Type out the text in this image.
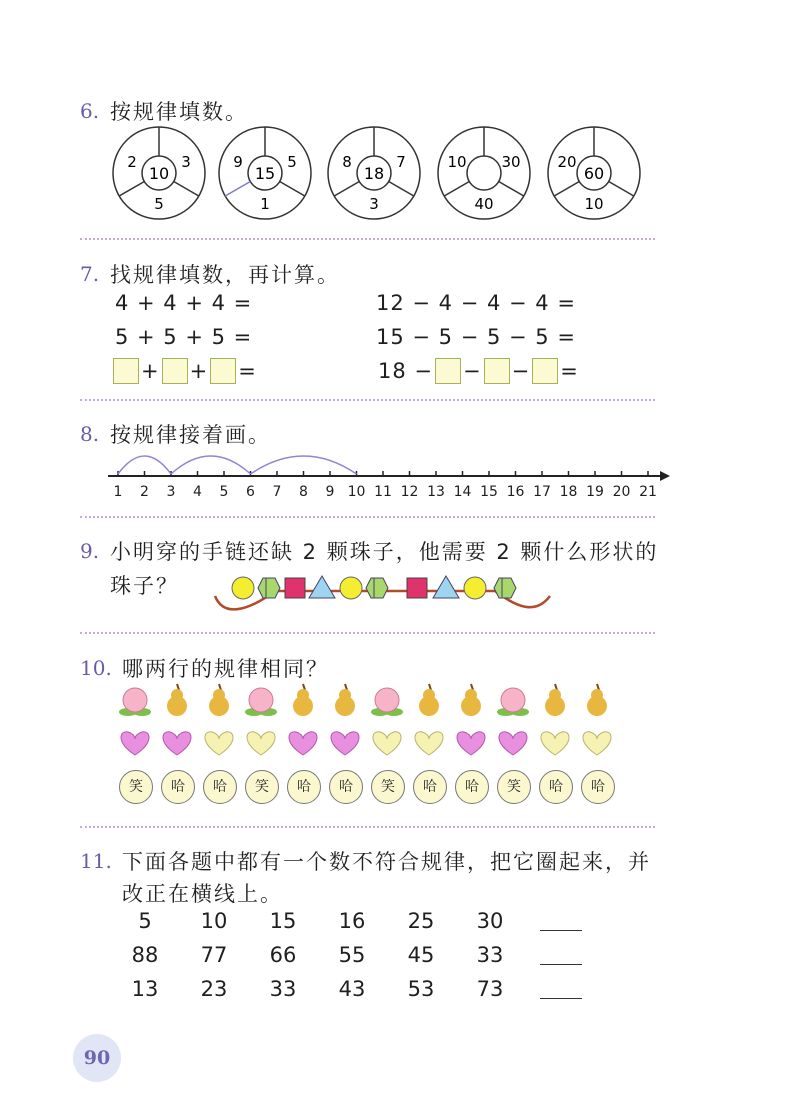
6. 按规律填数。
2	3
10
5
9	5
15
1
8	7
18
3
10 30
40
20
60
10
7. 找规律填数，再计算。
4 + 4 + 4 =
5 + 5 + 5 =
+ + =
12 − 4 − 4 − 4 =
15 − 5 − 5 − 5 =
18 − − − =
8. 按规律接着画。
1	2	3	4	5	6	7	8	9 10 11 12 13 14 15 16 17 18 19 20 21
9. 小明穿的手链还缺 2 颗珠子，他需要 2 颗什么形状的
珠子？
10. 哪两行的规律相同？
笑	哈	哈	笑	哈	哈	笑	哈	哈	笑	哈	哈
11. 下面各题中都有一个数不符合规律，把它圈起来，并
改正在横线上。
5	10	15	16	25	30
88	77	66	55	45	33
13	23	33	43	53	73
90
